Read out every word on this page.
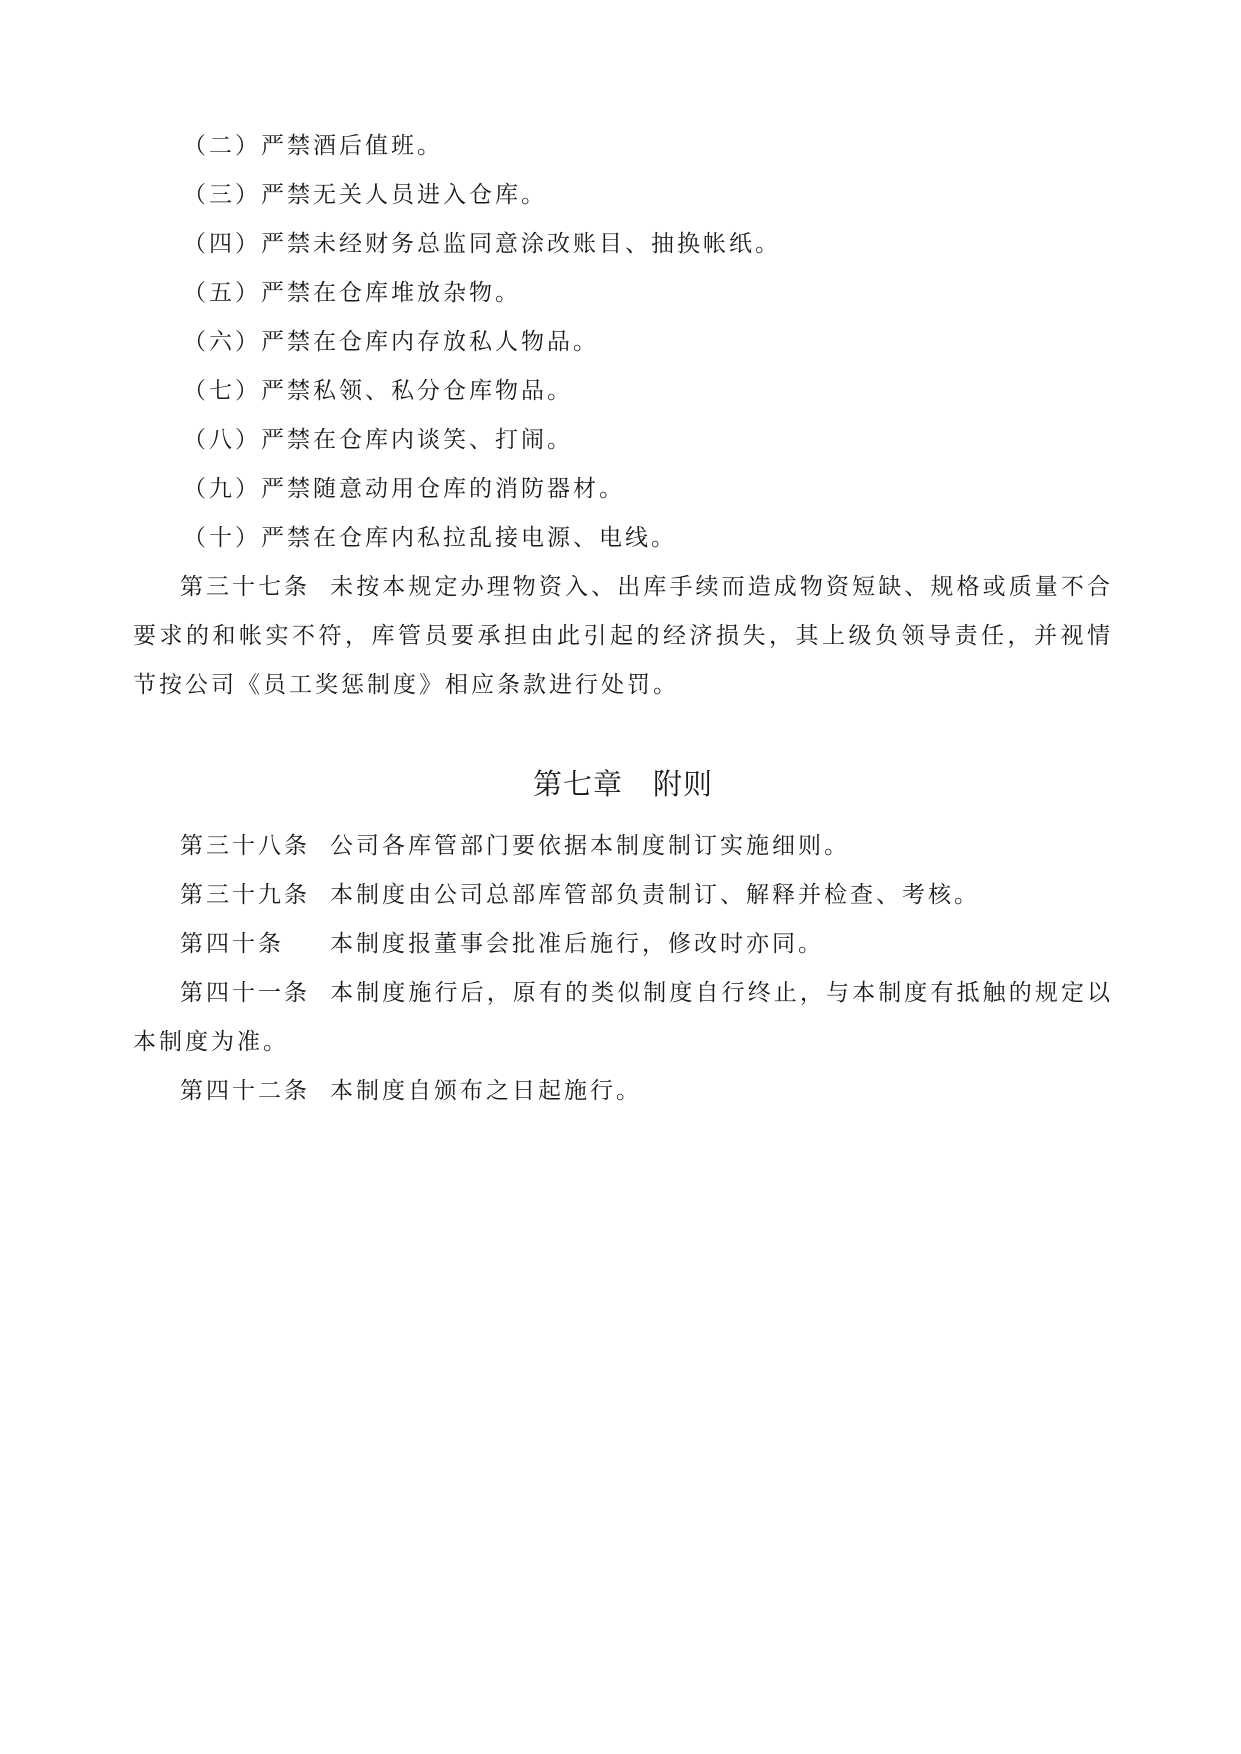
（二）严禁酒后值班。
（三）严禁无关人员进入仓库。
（四）严禁未经财务总监同意涂改账目、抽换帐纸。
（五）严禁在仓库堆放杂物。
（六）严禁在仓库内存放私人物品。
（七）严禁私领、私分仓库物品。
（八）严禁在仓库内谈笑、打闹。
（九）严禁随意动用仓库的消防器材。
（十）严禁在仓库内私拉乱接电源、电线。
第三十七条 未按本规定办理物资入、出库手续而造成物资短缺、规格或质量不合要求的和帐实不符，库管员要承担由此引起的经济损失，其上级负领导责任，并视情节按公司《员工奖惩制度》相应条款进行处罚。
第七章　附则
第三十八条 公司各库管部门要依据本制度制订实施细则。
第三十九条 本制度由公司总部库管部负责制订、解释并检查、考核。
第四十条 本制度报董事会批准后施行，修改时亦同。
第四十一条 本制度施行后，原有的类似制度自行终止，与本制度有抵触的规定以本制度为准。
第四十二条 本制度自颁布之日起施行。
